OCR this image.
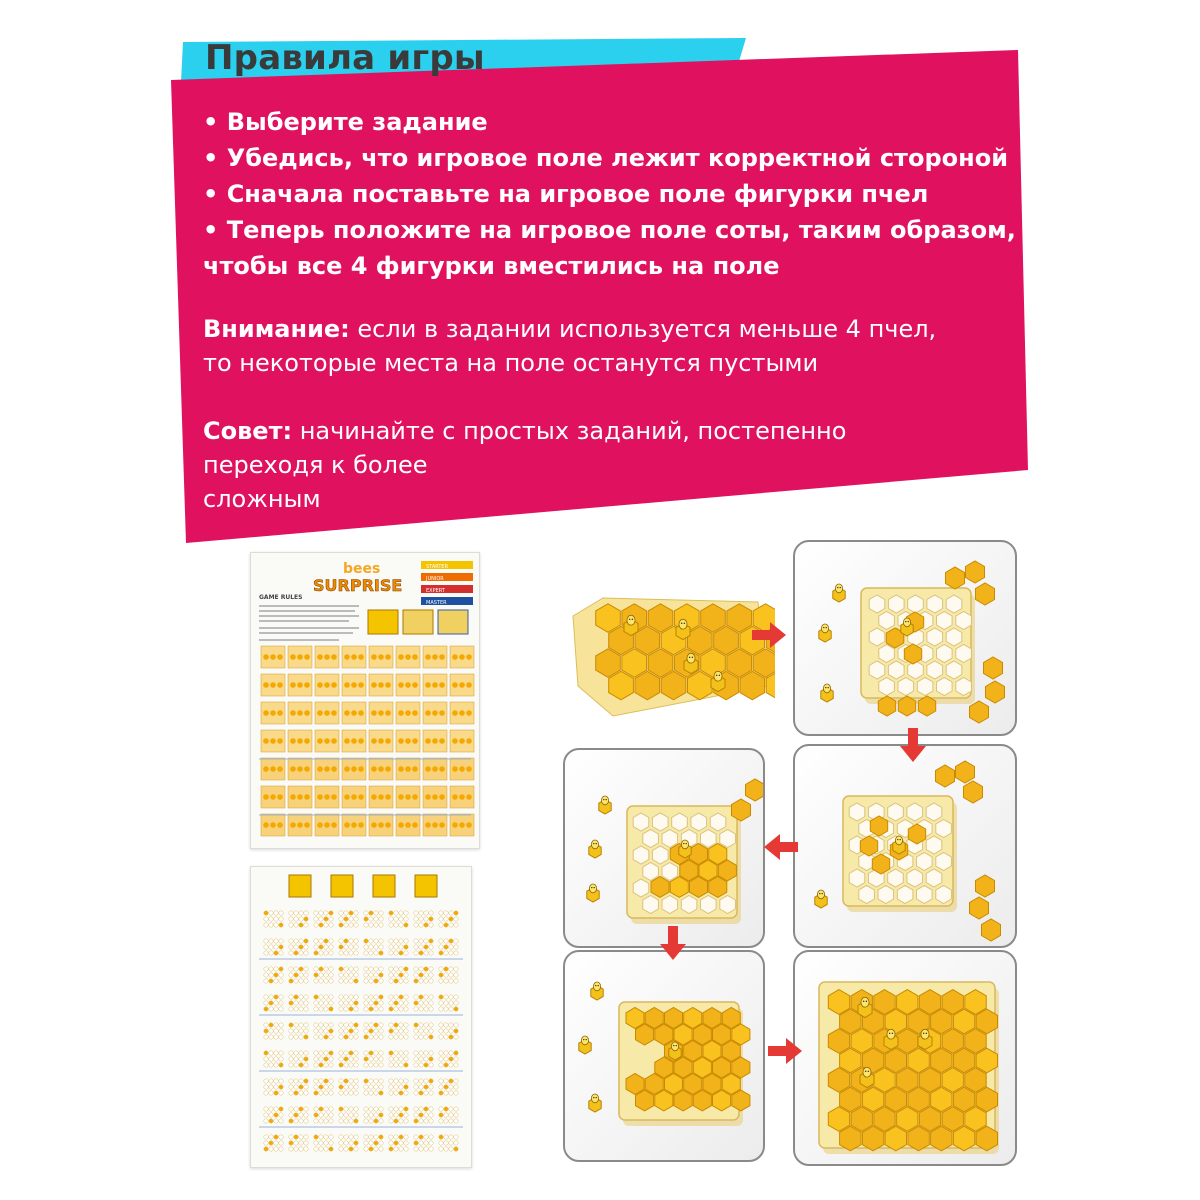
Правила игры
• Выберите задание
• Убедись, что игровое поле лежит корректной стороной
• Сначала поставьте на игровое поле фигурки пчел
• Теперь положите на игровое поле соты, таким образом,
чтобы все 4 фигурки вместились на поле
Внимание: если в задании используется меньше 4 пчел,
то некоторые места на поле останутся пустыми
Совет: начинайте с простых заданий, постепенно
переходя к более
сложным
bees
SURPRISE
STARTER
JUNIOR
EXPERT
MASTER
GAME RULES
